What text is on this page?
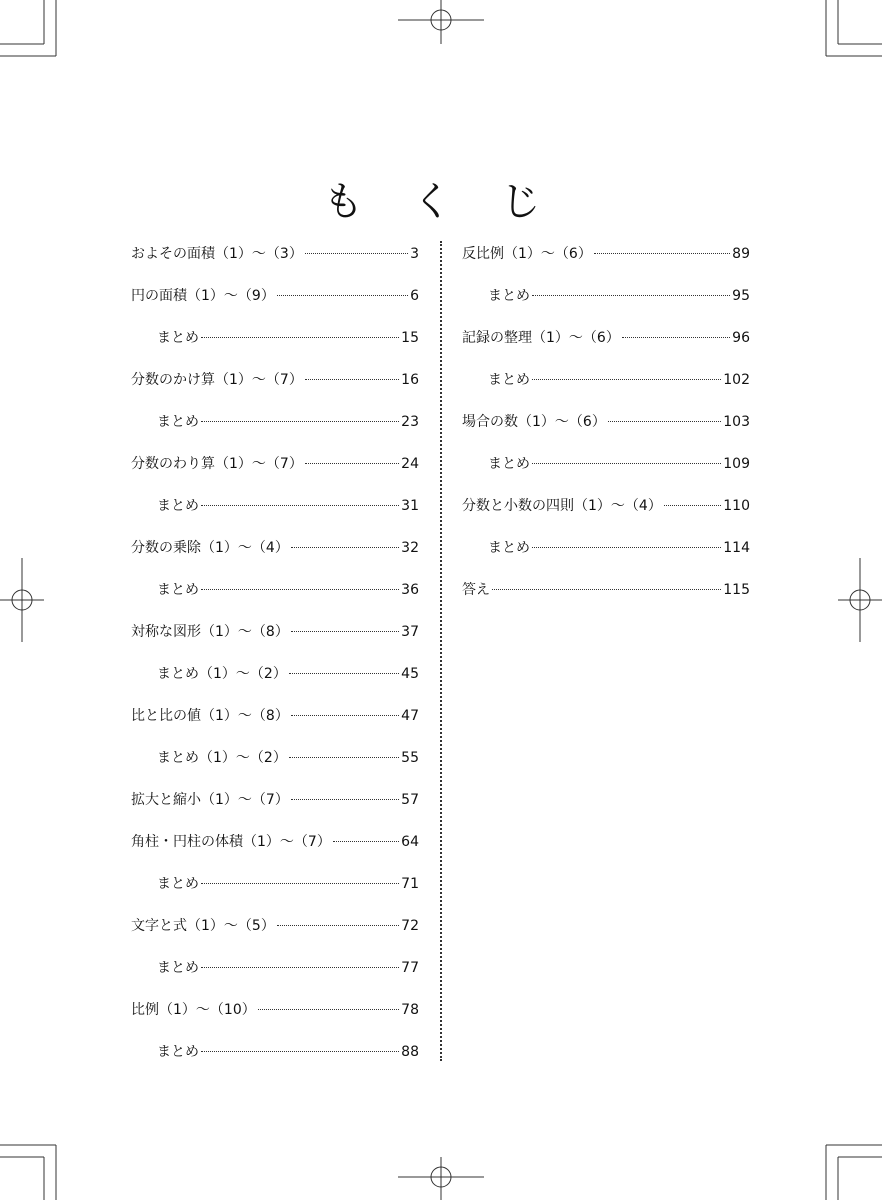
も く じ
およその面積（1）～（3）	3
円の面積（1）～（9）	6
まとめ	15
分数のかけ算（1）～（7）	16
まとめ	23
分数のわり算（1）～（7）	24
まとめ	31
分数の乗除（1）～（4）	32
まとめ	36
対称な図形（1）～（8）	37
まとめ（1）～（2）	45
比と比の値（1）～（8）	47
まとめ（1）～（2）	55
拡大と縮小（1）～（7）	57
角柱・円柱の体積（1）～（7）	64
まとめ	71
文字と式（1）～（5）	72
まとめ	77
比例（1）～（10）	78
まとめ	88
反比例（1）～（6）	89
まとめ	95
記録の整理（1）～（6）	96
まとめ	102
場合の数（1）～（6）	103
まとめ	109
分数と小数の四則（1）～（4）	110
まとめ	114
答え	115
